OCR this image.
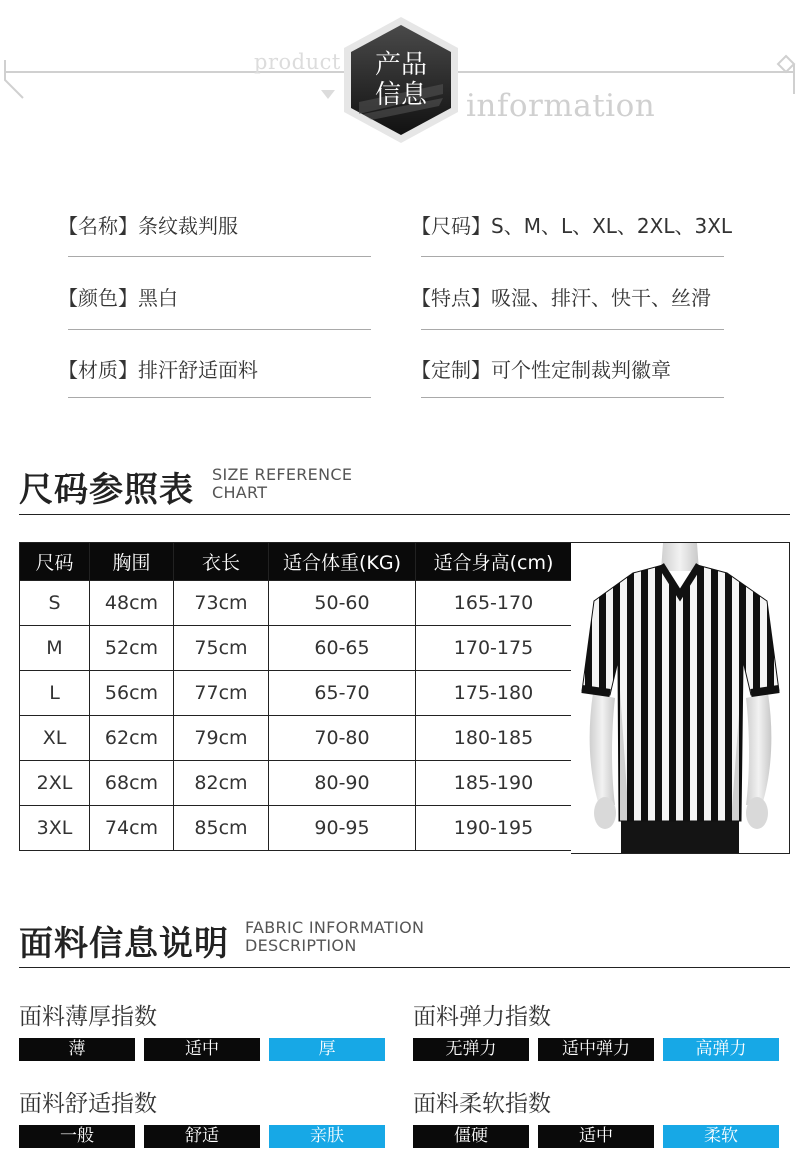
product
information
产品
信息
【名称】条纹裁判服
【颜色】黑白
【材质】排汗舒适面料
【尺码】S、M、L、XL、2XL、3XL
【特点】吸湿、排汗、快干、丝滑
【定制】可个性定制裁判徽章
尺码参照表 SIZE REFERENCE
CHART
尺码	胸围	衣长	适合体重(KG)	适合身高(cm)
S	48cm	73cm	50-60	165-170
M	52cm	75cm	60-65	170-175
L	56cm	77cm	65-70	175-180
XL	62cm	79cm	70-80	180-185
2XL	68cm	82cm	80-90	185-190
3XL	74cm	85cm	90-95	190-195
面料信息说明 FABRIC INFORMATION
DESCRIPTION
面料薄厚指数
薄	适中	厚
面料弹力指数
无弹力	适中弹力	高弹力
面料舒适指数
一般	舒适	亲肤
面料柔软指数
僵硬	适中	柔软
